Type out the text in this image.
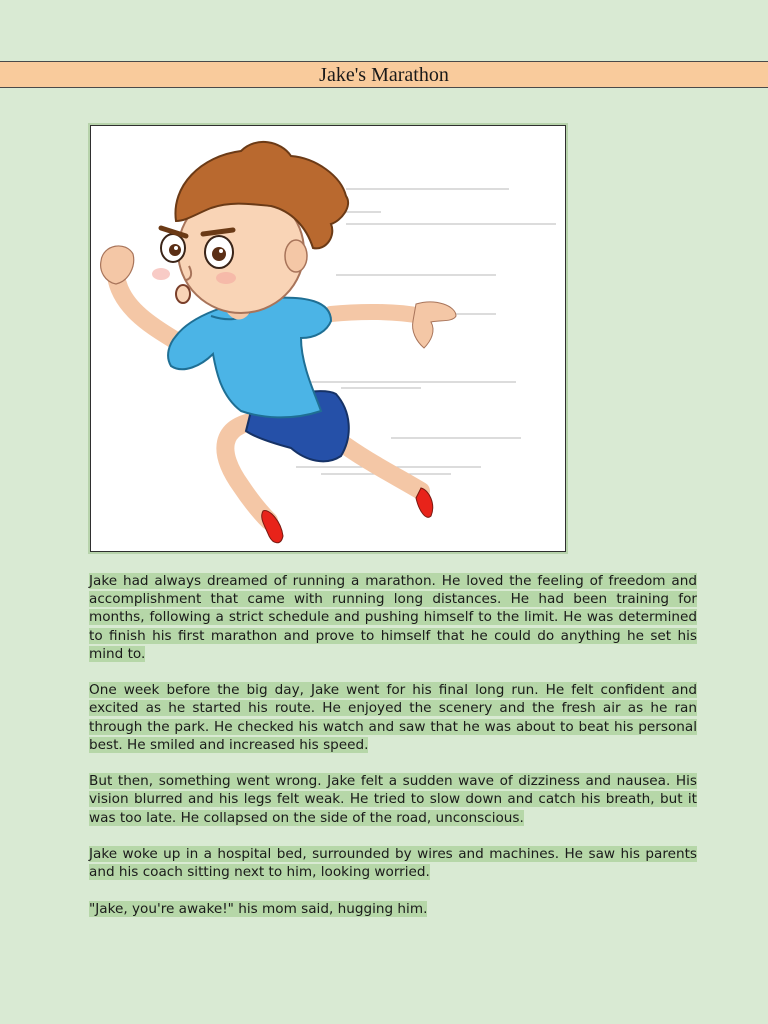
Jake's Marathon

Jake had always dreamed of running a marathon. He loved the feeling of freedom and accomplishment that came with running long distances. He had been training for months, following a strict schedule and pushing himself to the limit. He was determined to finish his first marathon and prove to himself that he could do anything he set his mind to.

One week before the big day, Jake went for his final long run. He felt confident and excited as he started his route. He enjoyed the scenery and the fresh air as he ran through the park. He checked his watch and saw that he was about to beat his personal best. He smiled and increased his speed.

But then, something went wrong. Jake felt a sudden wave of dizziness and nausea. His vision blurred and his legs felt weak. He tried to slow down and catch his breath, but it was too late. He collapsed on the side of the road, unconscious.

Jake woke up in a hospital bed, surrounded by wires and machines. He saw his parents and his coach sitting next to him, looking worried.

"Jake, you're awake!" his mom said, hugging him.
